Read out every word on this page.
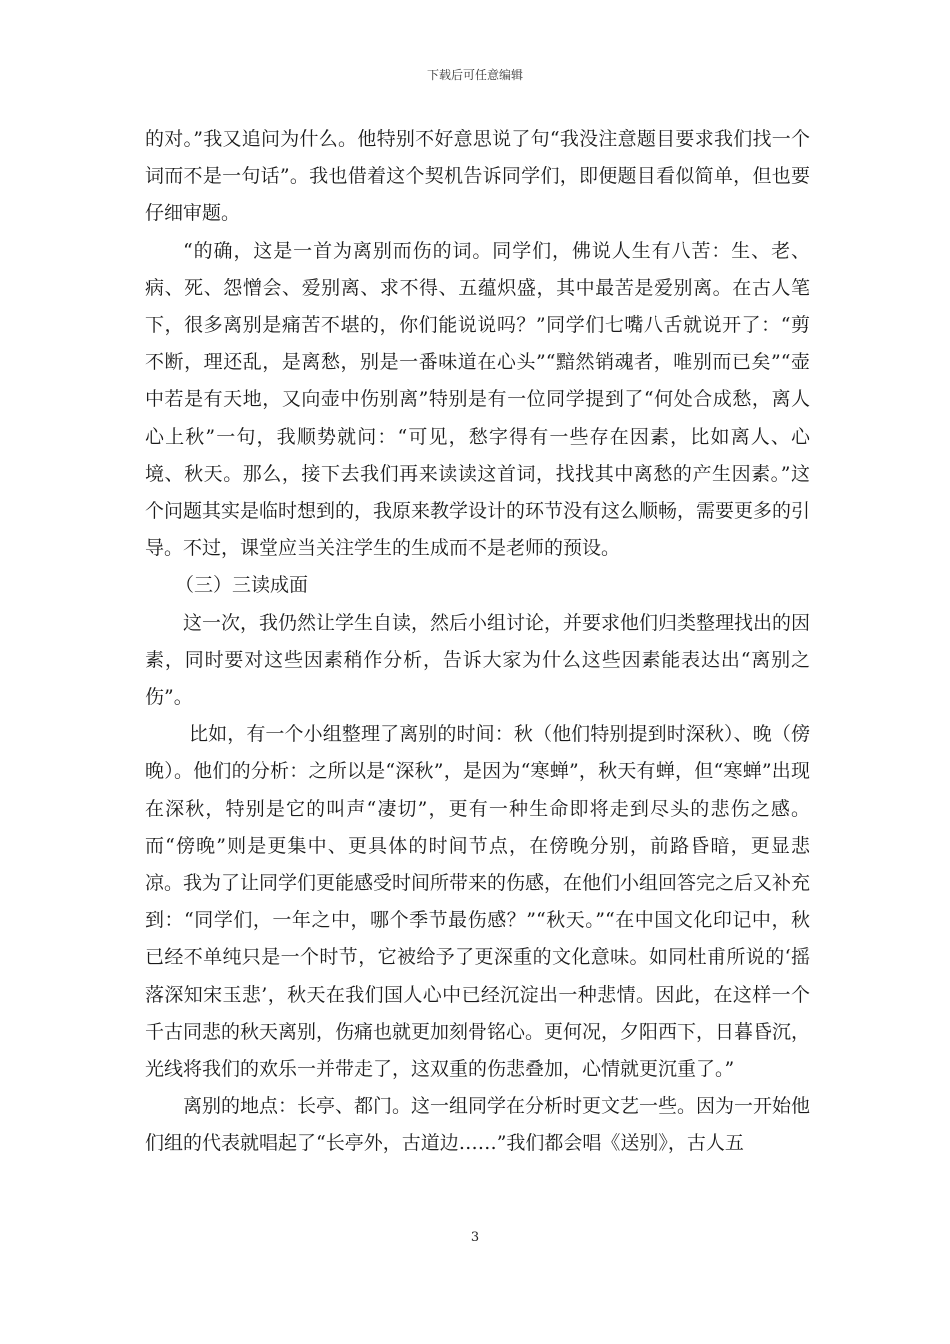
下载后可任意编辑

的对。”我又追问为什么。他特别不好意思说了句“我没注意题目要求我们找一个词而不是一句话”。我也借着这个契机告诉同学们，即便题目看似简单，但也要仔细审题。

“的确，这是一首为离别而伤的词。同学们，佛说人生有八苦：生、老、病、死、怨憎会、爱别离、求不得、五蕴炽盛，其中最苦是爱别离。在古人笔下，很多离别是痛苦不堪的，你们能说说吗？”同学们七嘴八舌就说开了：“剪不断，理还乱，是离愁，别是一番味道在心头”“黯然销魂者，唯别而已矣”“壶中若是有天地，又向壶中伤别离”特别是有一位同学提到了“何处合成愁，离人心上秋”一句，我顺势就问：“可见，愁字得有一些存在因素，比如离人、心境、秋天。那么，接下去我们再来读读这首词，找找其中离愁的产生因素。”这个问题其实是临时想到的，我原来教学设计的环节没有这么顺畅，需要更多的引导。不过，课堂应当关注学生的生成而不是老师的预设。

（三）三读成面

这一次，我仍然让学生自读，然后小组讨论，并要求他们归类整理找出的因素，同时要对这些因素稍作分析，告诉大家为什么这些因素能表达出“离别之伤”。

比如，有一个小组整理了离别的时间：秋（他们特别提到时深秋）、晚（傍晚）。他们的分析：之所以是“深秋”，是因为“寒蝉”，秋天有蝉，但“寒蝉”出现在深秋，特别是它的叫声“凄切”，更有一种生命即将走到尽头的悲伤之感。而“傍晚”则是更集中、更具体的时间节点，在傍晚分别，前路昏暗，更显悲凉。我为了让同学们更能感受时间所带来的伤感，在他们小组回答完之后又补充到：“同学们，一年之中，哪个季节最伤感？”“秋天。”“在中国文化印记中，秋已经不单纯只是一个时节，它被给予了更深重的文化意味。如同杜甫所说的‘摇落深知宋玉悲’，秋天在我们国人心中已经沉淀出一种悲情。因此，在这样一个千古同悲的秋天离别，伤痛也就更加刻骨铭心。更何况，夕阳西下，日暮昏沉，光线将我们的欢乐一并带走了，这双重的伤悲叠加，心情就更沉重了。”

离别的地点：长亭、都门。这一组同学在分析时更文艺一些。因为一开始他们组的代表就唱起了“长亭外，古道边……”我们都会唱《送别》，古人五

3
